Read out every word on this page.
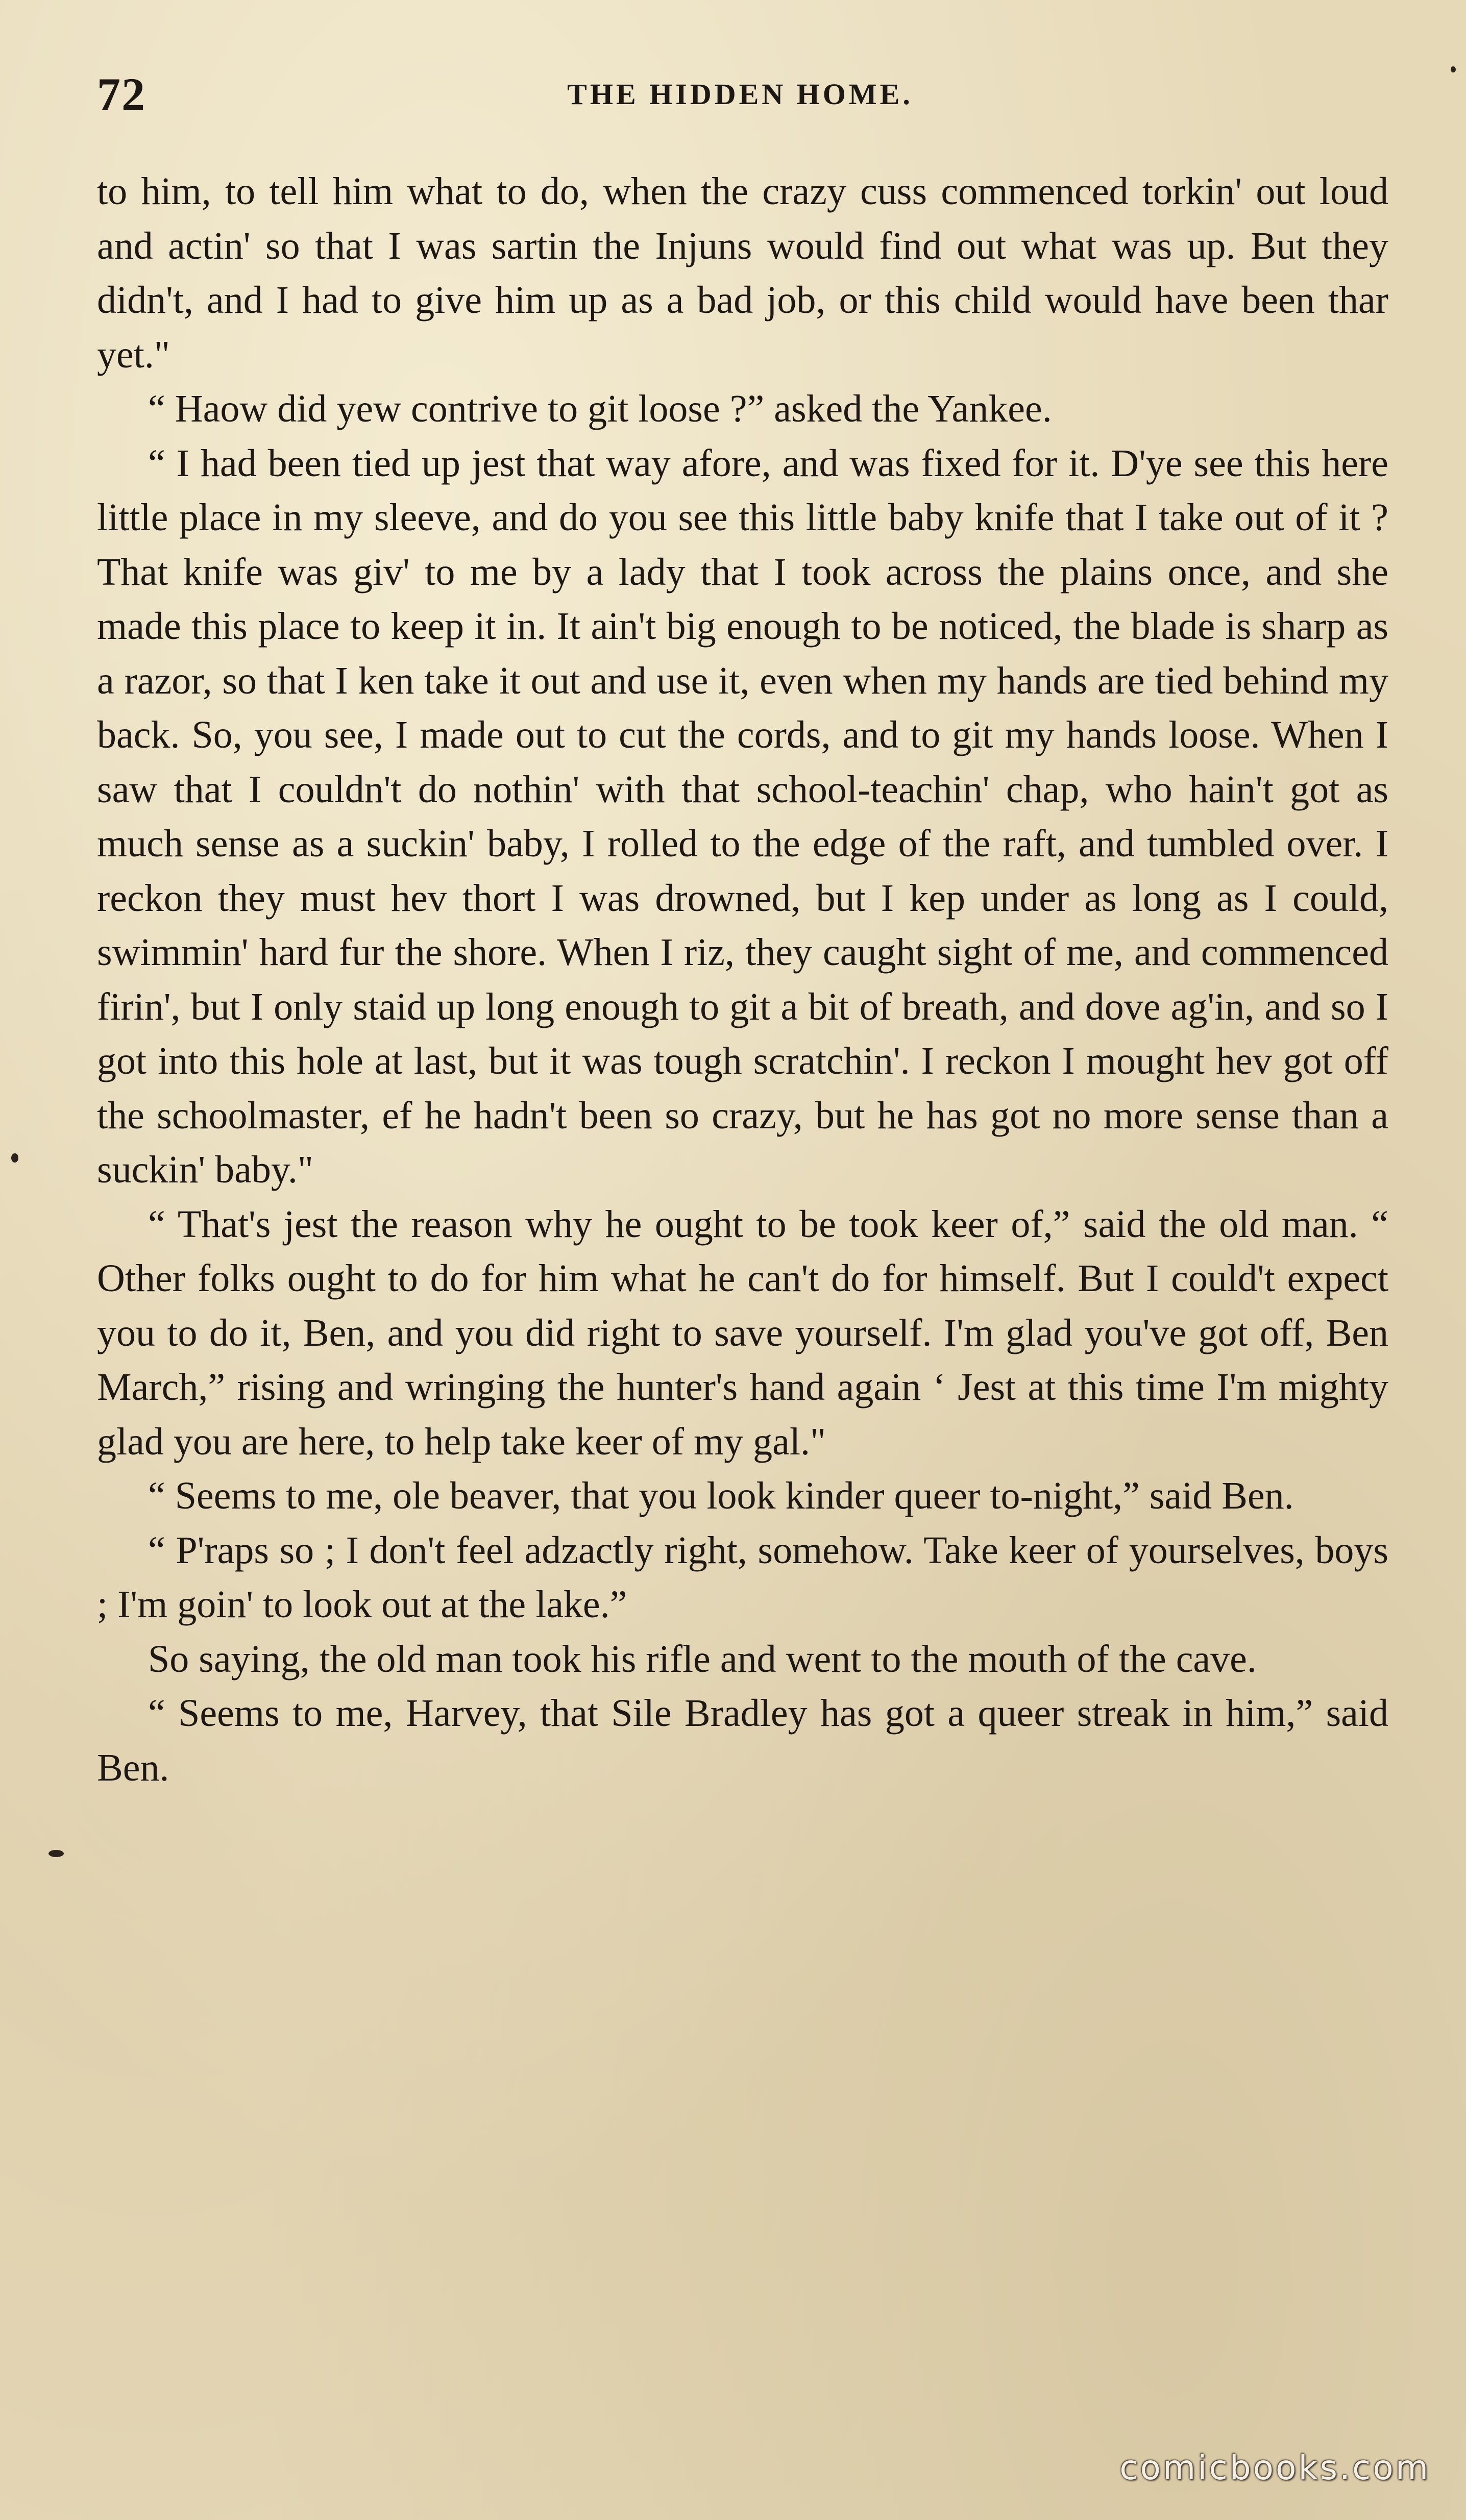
72	THE HIDDEN HOME.

to him, to tell him what to do, when the crazy cuss commenced torkin' out loud and actin' so that I was sartin the Injuns would find out what was up. But they didn't, and I had to give him up as a bad job, or this child would have been thar yet."

“ Haow did yew contrive to git loose ?” asked the Yankee.

“ I had been tied up jest that way afore, and was fixed for it. D'ye see this here little place in my sleeve, and do you see this little baby knife that I take out of it ? That knife was giv' to me by a lady that I took across the plains once, and she made this place to keep it in. It ain't big enough to be noticed, the blade is sharp as a razor, so that I ken take it out and use it, even when my hands are tied behind my back. So, you see, I made out to cut the cords, and to git my hands loose. When I saw that I couldn't do nothin' with that school-teachin' chap, who hain't got as much sense as a suckin' baby, I rolled to the edge of the raft, and tumbled over. I reckon they must hev thort I was drowned, but I kep under as long as I could, swimmin' hard fur the shore. When I riz, they caught sight of me, and commenced firin', but I only staid up long enough to git a bit of breath, and dove ag'in, and so I got into this hole at last, but it was tough scratchin'. I reckon I mought hev got off the schoolmaster, ef he hadn't been so crazy, but he has got no more sense than a suckin' baby."

“ That's jest the reason why he ought to be took keer of,” said the old man. “ Other folks ought to do for him what he can't do for himself. But I could't expect you to do it, Ben, and you did right to save yourself. I'm glad you've got off, Ben March,” rising and wringing the hunter's hand again ‘ Jest at this time I'm mighty glad you are here, to help take keer of my gal."

“ Seems to me, ole beaver, that you look kinder queer to-night,” said Ben.

“ P'raps so ; I don't feel adzactly right, somehow. Take keer of yourselves, boys ; I'm goin' to look out at the lake.”

So saying, the old man took his rifle and went to the mouth of the cave.

“ Seems to me, Harvey, that Sile Bradley has got a queer streak in him,” said Ben.

comicbooks.com
